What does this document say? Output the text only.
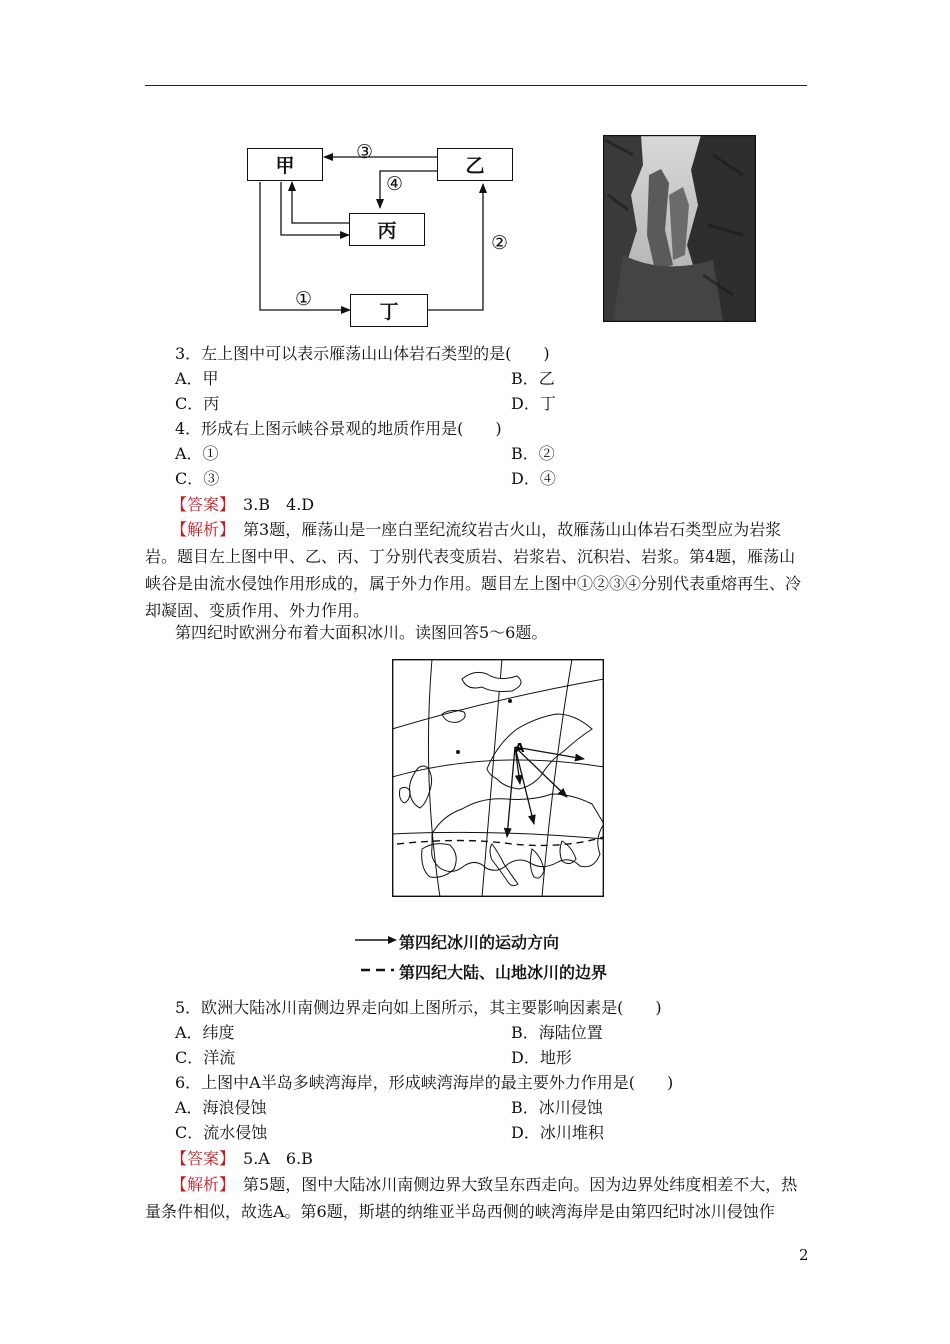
甲	乙
丙
丁
③
④
①
②
3．左上图中可以表示雁荡山山体岩石类型的是(　　)
A．甲	B．乙
C．丙	D．丁
4．形成右上图示峡谷景观的地质作用是(　　)
A．①	B．②
C．③	D．④
【答案】　3.B　4.D
【解析】　第3题，雁荡山是一座白垩纪流纹岩古火山，故雁荡山山体岩石类型应为岩浆岩。题目左上图中甲、乙、丙、丁分别代表变质岩、岩浆岩、沉积岩、岩浆。第4题，雁荡山峡谷是由流水侵蚀作用形成的，属于外力作用。题目左上图中①②③④分别代表重熔再生、冷却凝固、变质作用、外力作用。
第四纪时欧洲分布着大面积冰川。读图回答5～6题。
A
第四纪冰川的运动方向
第四纪大陆、山地冰川的边界
5．欧洲大陆冰川南侧边界走向如上图所示，其主要影响因素是(　　)
A．纬度	B．海陆位置
C．洋流	D．地形
6．上图中A半岛多峡湾海岸，形成峡湾海岸的最主要外力作用是(　　)
A．海浪侵蚀	B．冰川侵蚀
C．流水侵蚀	D．冰川堆积
【答案】　5.A　6.B
【解析】　第5题，图中大陆冰川南侧边界大致呈东西走向。因为边界处纬度相差不大，热量条件相似，故选A。第6题，斯堪的纳维亚半岛西侧的峡湾海岸是由第四纪时冰川侵蚀作
2
